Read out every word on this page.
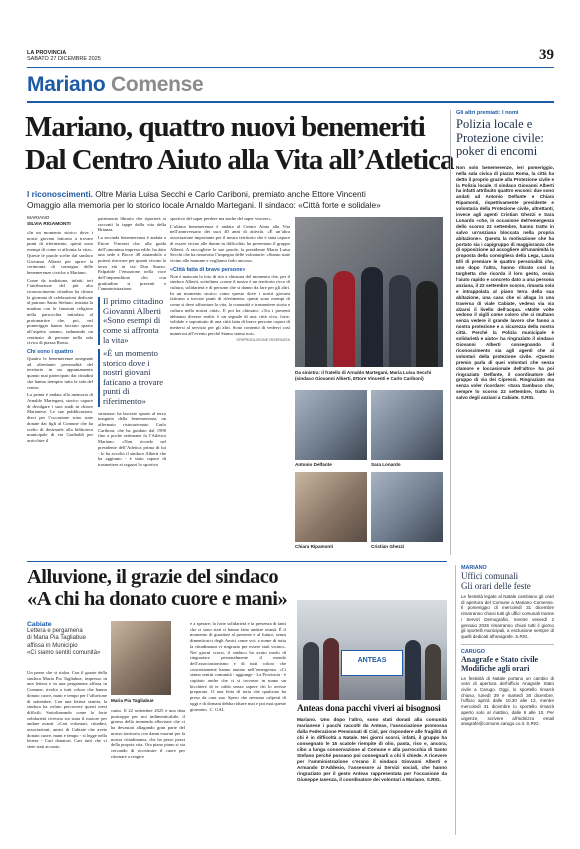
LA PROVINCIA
SABATO 27 DICEMBRE 2025	39
Mariano Comense
Mariano, quattro nuovi benemeriti
Dal Centro Aiuto alla Vita all’Atletica
I riconoscimenti. Oltre Maria Luisa Secchi e Carlo Cariboni, premiato anche Ettore Vincenti
Omaggio alla memoria per lo storico locale Arnaldo Martegani. Il sindaco: «Città forte e solidale»
MARIANO
SILVIA RIGAMONTI

«In un momento storico dove i nostri giovani faticano a trovare punti di riferimento, questi sono esempi di come si affronta la vita». Queste le parole scelte dal sindaco Giovanni Alberti per aprire la cerimonia di consegna delle benemerenze civiche a Mariano.

Come da tradizione, infatti, ieri l’attribuzione del più alto riconoscimento cittadino ha chiuso la giornata di celebrazioni dedicate al patrono Santo Stefano, iniziata la mattina con le funzioni religiose nella parrocchia intitolata al protomartire che, poi, nel pomeriggio hanno lasciato spazio all’aspetto umano, radunando un centinaio di persone nella sala civica di piazza Roma.

Chi sono i quattro

Quattro le benemerenze assegnate ad altrettante personalità del territorio in un appuntamento quanto mai partecipato dai cittadini che hanno riempito tutta la sala del centro.

La prima è andata alla memoria di Arnaldo Martegani, storico capace di divulgare i suoi studi in chiave Marianese. Le sue pubblicazioni, dieci per l’occasione sono state donate dai figli al Comune che ha scelto di destinarle alla biblioteca municipale di via Garibaldi per arricchire il

patrimonio librario che riporterà ai racconti la tappe della vita della Brianza.

La seconda benemerenza è andata a Ettore Vincenti che, alla guida dell’omonima impresa edile, ha dato una sede a Bocce 48 aiutandola a potersi ritrovare per quanti vivono la terza età in via Don Sturzo. Palpabile l’emozione nella voce dell’imprenditore che, con gratitudine si presenti e l’amministrazione.

Il primo cittadino Giovanni Alberti «Sono esempi di come si affronta la vita»

«È un momento storico dove i nostri giovani faticano a trovare punti di riferimento»

strazione, ha lasciato spazio al terzo insignito della benemerenza, un affermato ristorazionato Carlo Cariboni, che ha guidato dal 1990 fino a poche settimane fa l’Atletica Mariano. «Non ricordo nel presidente dell’Atletica prima di lui - lo ha accolto il sindaco Alberti che ha aggiunto - è stato capace di trasmettere ai ragazzi lo sportivo

sportivo del saper perdere ma anche del saper vincere».

L’ultima benemerenza è andata al Centro Aiuto alla Vita nell’anniversario dei suoi 40 anni di attività. «È un’altra associazione importante per il nostro territorio che è stata capace di essere vicino alle donne in difficoltà» ha presentato il gruppo Alberti. A raccogliere le sue parole, la presidente Maria Luisa Secchi che ha rinnovato l’impegno delle volontarie: «Siamo state vicino alle mamme e vogliamo farlo ancora».

«Città fatta di brave persone»

Non è mancata la foto di rito a chiusura del momento che, per il sindaco Alberti, sottolinea «come il nostro è un territorio ricco di cultura, solidarietà e di persone che si danno da fare per gli altri. In un momento storico come questo dove i nostri giovani faticano a trovare punti di riferimento, questi sono esempi di come si deve affrontare la vita, la comunità e trasmettere storia e cultura nella nostra città». E poi ha chiosato: «Tra i presenti abbiamo diverse realtà: è un segnale di una città viva, forte, solidale e soprattutto di una città fatta di brave persone capaci di mettersi al servizio per gli altri. Sono contento di vedervi così numerosi all’evento perché Siamo siamo noi».

©RIPRODUZIONE RISERVATA

Da sinistra: il fratello di Arnaldo Martegani, Maria Luisa Secchi (sindaco Giovanni Alberti, Ettore Vincenti e Carlo Cariboni)
Antonio Delfante	Sara Lonardo
Chiara Ripamonti	Cristian Ghezzi
Gli altri premiati: I nomi
Polizia locale e Protezione civile: poker di encomi

Non solo benemerenze, ieri pomeriggio, nella sala civica di piazza Roma, la città ha detto il proprio grazie alla Protezione civile e la Polizia locale. Il sindaco Giovanni Alberti ha infatti attribuito quattro encomi: due sono andati ad Antonio Delfante e Chiara Ripamonti, rispettivamente presidente e volontaria della Protezione civile, altrettanti, invece agli agenti Cristian Ghezzi e Sara Lonardo «che, in occasione dell’emergenza dello scorso 22 settembre, hanno tratto in salvo un’anziana bloccata nella propria abitazione». Questa la motivazione che ha portato sia i capigruppo di maggioranza che di opposizione ad accogliere all’unanimità la proposta della consigliera della Lega, Laura Elli di premiare le quattro personalità che, uno dopo l’altra, hanno ritirato così la targhetta che ricorda il loro gesto, ossia l’aiuto rapido e concreto dato a una persona anziana, il 22 settembre scorso, rimasta sola e intrappolata al piano terra della sua abitazione, una casa che si allaga in una traversa di viale Cabiate, vedeva via via alzarsi il livello dell’acqua. «Molte volte vedono il vigili come coloro che ci multano senza vedere il grande lavoro che fanno a nostra protezione e a sicurezza della nostra città. Perché la Polizia municipale è solidarietà e aiuto» ha ringraziato il sindaco Giovanni Alberti consegnando il riconoscimento sia agli agenti che ai volontari della protezione civile. «Questo premio parla di quei volontari che senza clamore e loccasionale dell’altro» ha poi ringraziato Delfante, il coordinatore del gruppo di via dei Cipressi. Ringraziato ma senza voler ricordare: «Sara Sambuco che, sempre lo scorso 22 settembre, tratto in salvo degli anziani a Cabiate. S.RIG.

Alluvione, il grazie del sindaco
«A chi ha donato cuore e mani»
Cabiate
Lettera e pergamena
di Maria Pia Tagliabue
affissa in Municipio
«Ci siamo sentiti comunità»

Un paese che si rialza. Con il grazie della sindaca Maria Pia Tagliabue, impresso in una lettera e in una pergamena affissa in Comune, rivolto a tutti coloro che hanno donato cuore, mani e tempo per l’alluvione di settembre. Con una lettera sentita, la sindaca ha voluto percorrere questi mesi difficili. Sottolineando come la forte solidarietà ricevuta sia stata il motore per andare avanti. «Cari volontari, cittadini, associazioni, amici di Cabiate che avete donato cuore, mani e tempo - si legge nella lettera - Cari donatori. Cari tutti che vi siete stati accanto.

Maria Pia Tagliabue

canto. Il 22 settembre 2025 è una data purtroppo per noi indimenticabile, il giorno della tremenda alluvione che ci ha devastati allagando gran parte del nostro territorio con danni enormi per la nostra cittadinanza, che ha perso pezzi della propria vita. Ora piano piano si sta cercando di ricostruire il cuore per ritornare a reagire

e a sperare; la forte solidarietà e la presenza di tanti che ci sono stati ci hanno fatto andare avanti. È il momento di guardare al presente e al futuro, senza dimenticarci degli Amici come voi: a nome di tutta la cittadinanza vi ringrazio per essere stati vicino». Nei giorni scorsi, il sindaco ha avuto modo di ringraziare personalmente il mondo dell’associazionismo e di tutti coloro che concretamente hanno aiutato nell’emergenza. «Ci siamo sentiti comunità - aggiunge - La Provincia - è capitato anche che ci si trovasse in mano un bicchiere di te caldo senza sapere chi lo avesse preparato. O una fetta di torta che qualcuno ha preso da casa sua. Spero che nessuno calpesti di oggi e di domani debba ridurre mai e poi mai queste giornate». C. GAL

ANTEAS
Anteas dona pacchi viveri ai bisognosi

Mariano. Uno dopo l’altro, sono stati donati alla comunità marianese i pacchi raccolti da Anteas, l’associazione promossa dalla Federazione Pensionati di Cisl, per rispondere alle fragilità di chi è in difficoltà a Natale. Nei giorni scorsi, infatti, il gruppo ha consegnato le 15 scatole riempite di olio, pasta, riso e, ancora, cibo a lunga conservazione al Comune e alla parrocchia di Santo Stefano perché possano poi consegnarli a chi li chiede. A ricevere per l’amministrazione c’erano il sindaco Giovanni Alberti e Armando D’Addesio, l’assessore ai Servizi sociali, che hanno ringraziato per il gesto Anteas rappresentata per l’occasione da Giuseppe Iasenza, il coordinatore dei volontari a Mariano. S.RIG.

MARIANO
Uffici comunali
Gli orari delle feste

Le festività legate al Natale cambiano gli orari di apertura del Comune a Mariano Comense. Il pomeriggio di mercoledì 31 dicembre rimarranno chiusi tutti gli uffici comunali tranne i Servizi Demografici, mentre venerdì 2 gennaio 2026 rimarranno chiusi tutti il giorno gli sportelli municipali, a esclusione sempre di quelli dedicati all’anagrafe. S.RIG.

CARUGO
Anagrafe e Stato civile Modifiche agli orari

Le festività di Natale portano un cambio di orari di apertura dell’ufficio Anagrafe Stato civile a Carugo. Oggi, lo sportello rimarrà chiuso, lunedì 29 e martedì 30 dicembre, l’ufficio aprirà dalle 10.30 alle 13, mentre mercoledì 31 dicembre lo sportello rimarrà aperto solo al mattino, dalle 9 alle 10. Per urgenze, scrivere all’indirizzo email anagrafe@comune.carugo.co.it. S.RIG.
